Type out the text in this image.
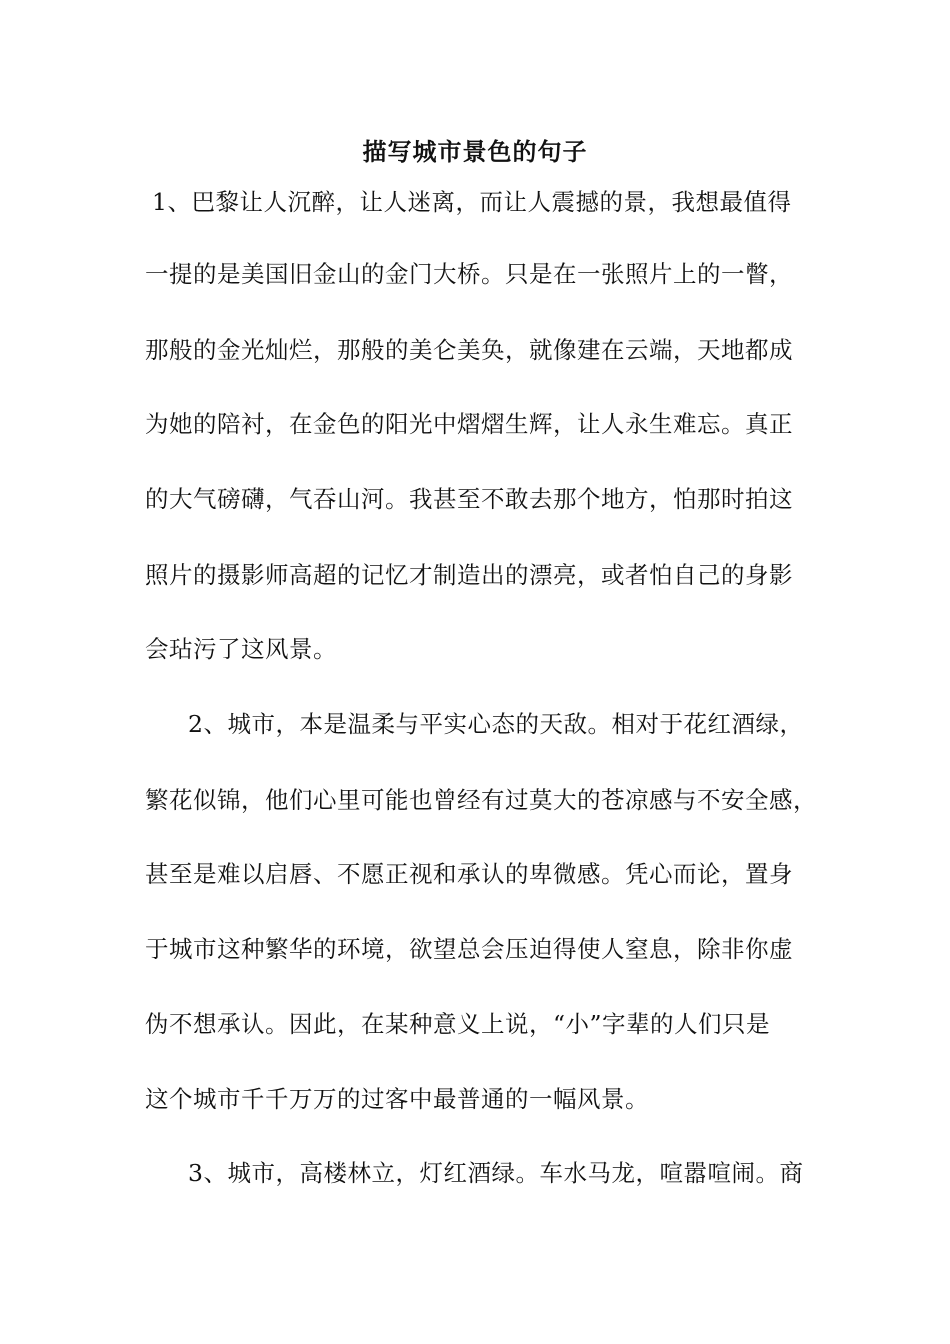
描写城市景色的句子
1、巴黎让人沉醉，让人迷离，而让人震撼的景，我想最值得
一提的是美国旧金山的金门大桥。只是在一张照片上的一瞥，
那般的金光灿烂，那般的美仑美奂，就像建在云端，天地都成
为她的陪衬，在金色的阳光中熠熠生辉，让人永生难忘。真正
的大气磅礴，气吞山河。我甚至不敢去那个地方，怕那时拍这
照片的摄影师高超的记忆才制造出的漂亮，或者怕自己的身影
会玷污了这风景。
2、城市，本是温柔与平实心态的天敌。相对于花红酒绿，
繁花似锦，他们心里可能也曾经有过莫大的苍凉感与不安全感，
甚至是难以启唇、不愿正视和承认的卑微感。凭心而论，置身
于城市这种繁华的环境，欲望总会压迫得使人窒息，除非你虚
伪不想承认。因此，在某种意义上说，“小”字辈的人们只是
这个城市千千万万的过客中最普通的一幅风景。
3、城市，高楼林立，灯红酒绿。车水马龙，喧嚣喧闹。商
